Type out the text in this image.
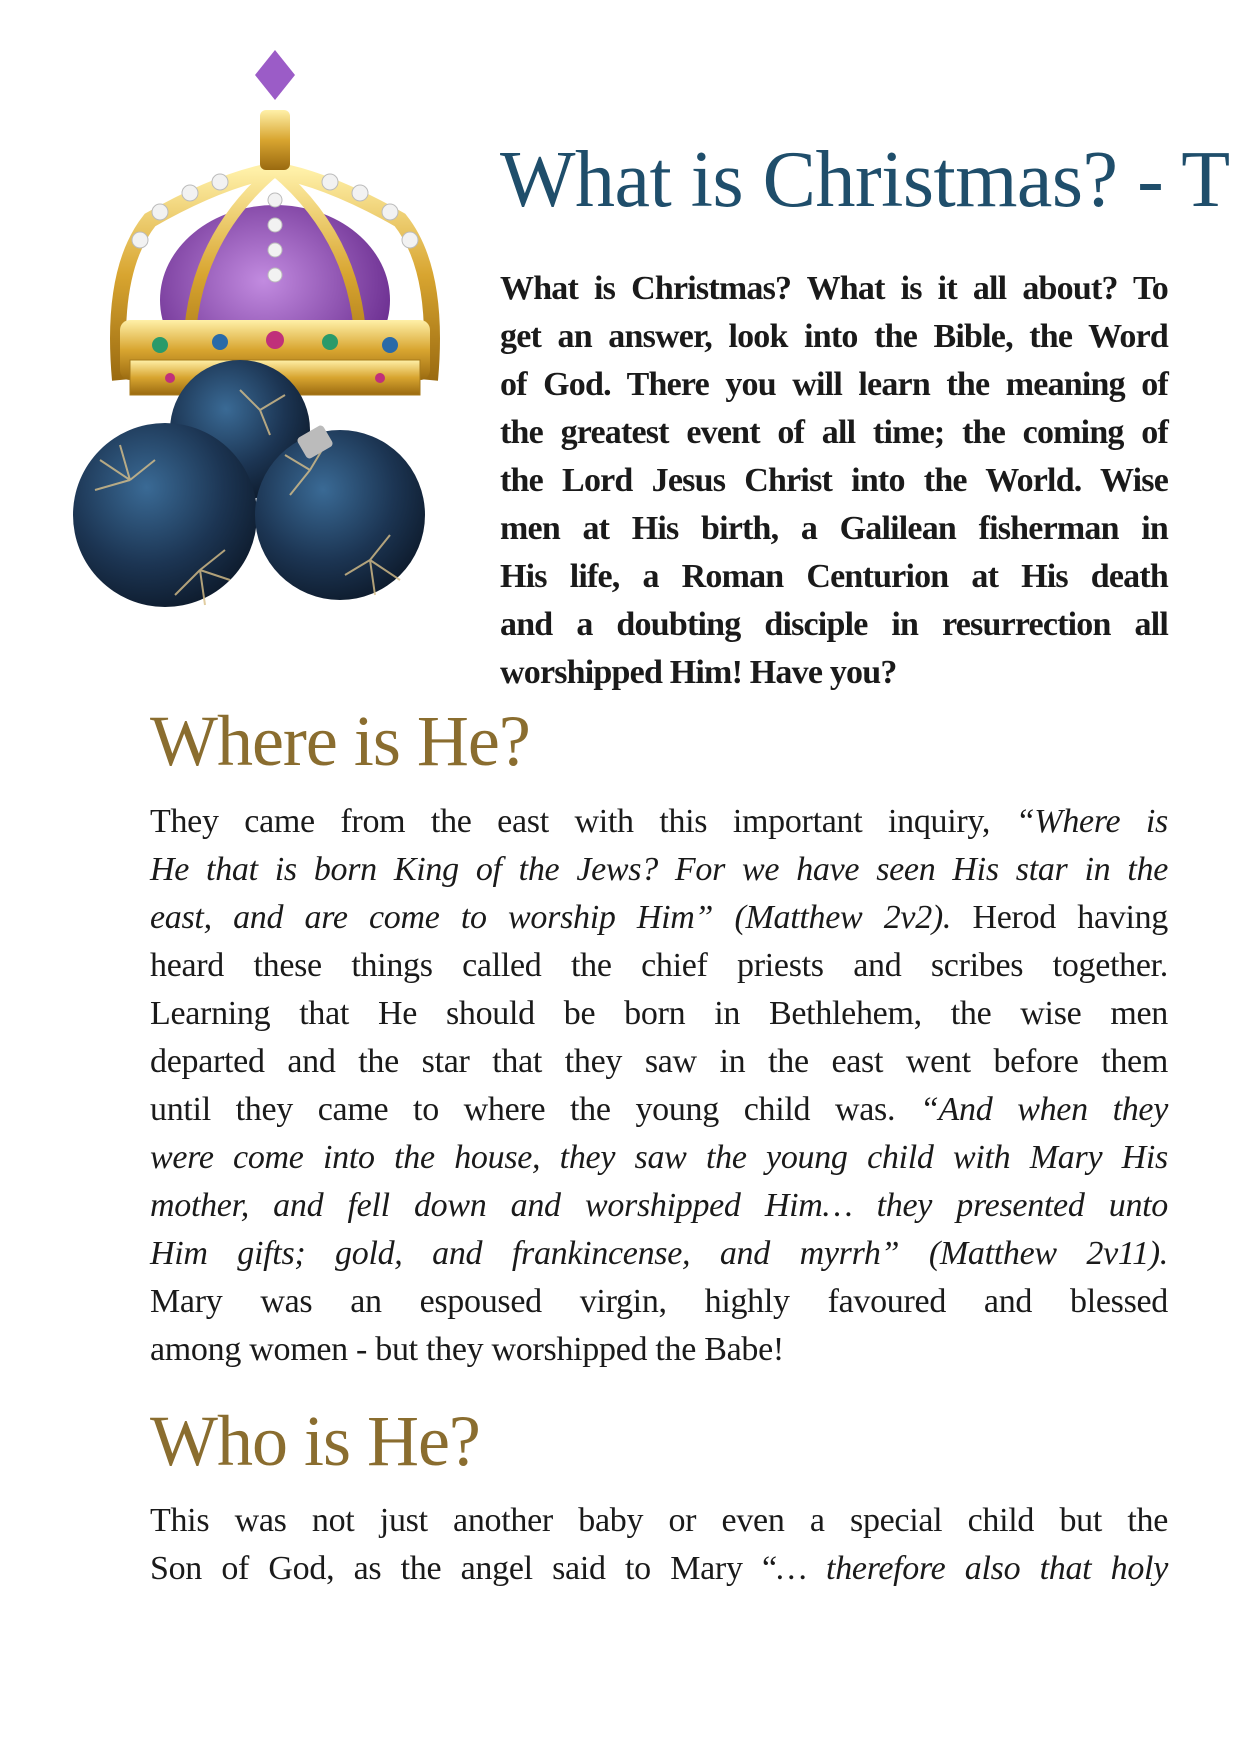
What is Christmas? - T
What is Christmas? What is it all about? To
get an answer, look into the Bible, the Word
of God. There you will learn the meaning of
the greatest event of all time; the coming of
the Lord Jesus Christ into the World. Wise
men at His birth, a Galilean fisherman in
His life, a Roman Centurion at His death
and a doubting disciple in resurrection all
worshipped Him! Have you?
Where is He?
They came from the east with this important inquiry, “Where is
He that is born King of the Jews? For we have seen His star in the
east, and are come to worship Him” (Matthew 2v2). Herod having
heard these things called the chief priests and scribes together.
Learning that He should be born in Bethlehem, the wise men
departed and the star that they saw in the east went before them
until they came to where the young child was. “And when they
were come into the house, they saw the young child with Mary His
mother, and fell down and worshipped Him… they presented unto
Him gifts; gold, and frankincense, and myrrh” (Matthew 2v11).
Mary was an espoused virgin, highly favoured and blessed
among women - but they worshipped the Babe!
Who is He?
This was not just another baby or even a special child but the
Son of God, as the angel said to Mary “… therefore also that holy
